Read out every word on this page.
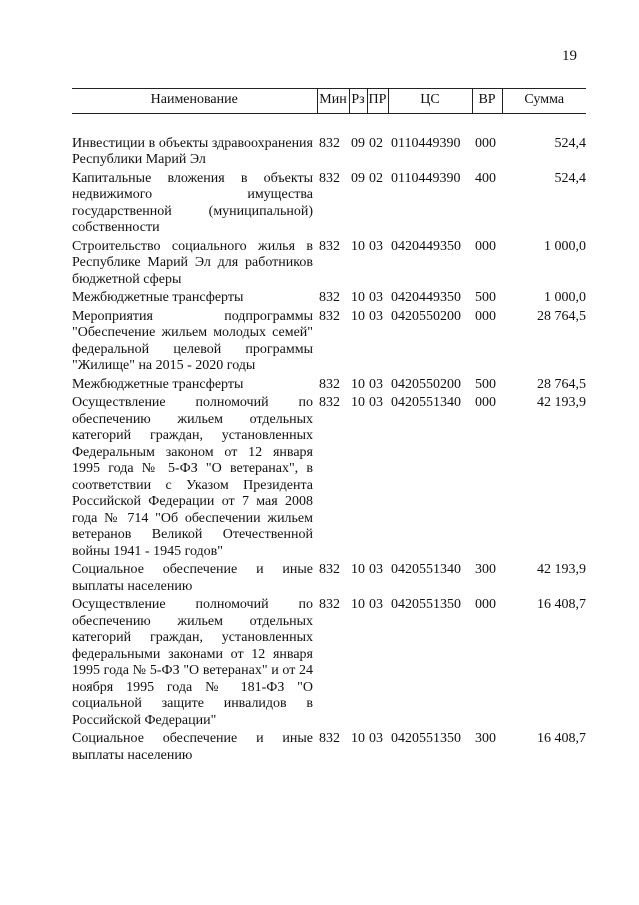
19
Наименование	Мин	Рз	ПР	ЦС	ВР	Сумма

Инвестиции в объекты здравоохранения Республики Марий Эл	832	09	02	0110449390	000	524,4
Капитальные вложения в объекты недвижимого имущества государственной (муниципальной) собственности	832	09	02	0110449390	400	524,4
Строительство социального жилья в Республике Марий Эл для работников бюджетной сферы	832	10	03	0420449350	000	1 000,0
Межбюджетные трансферты	832	10	03	0420449350	500	1 000,0
Мероприятия подпрограммы "Обеспечение жильем молодых семей" федеральной целевой программы "Жилище" на 2015 - 2020 годы	832	10	03	0420550200	000	28 764,5
Межбюджетные трансферты	832	10	03	0420550200	500	28 764,5
Осуществление полномочий по обеспечению жильем отдельных категорий граждан, установленных Федеральным законом от 12 января 1995 года № 5-ФЗ "О ветеранах", в соответствии с Указом Президента Российской Федерации от 7 мая 2008 года № 714 "Об обеспечении жильем ветеранов Великой Отечественной войны 1941 - 1945 годов"	832	10	03	0420551340	000	42 193,9
Социальное обеспечение и иные выплаты населению	832	10	03	0420551340	300	42 193,9
Осуществление полномочий по обеспечению жильем отдельных категорий граждан, установленных федеральными законами от 12 января 1995 года № 5-ФЗ "О ветеранах" и от 24 ноября 1995 года № 181-ФЗ "О социальной защите инвалидов в Российской Федерации"	832	10	03	0420551350	000	16 408,7
Социальное обеспечение и иные выплаты населению	832	10	03	0420551350	300	16 408,7
